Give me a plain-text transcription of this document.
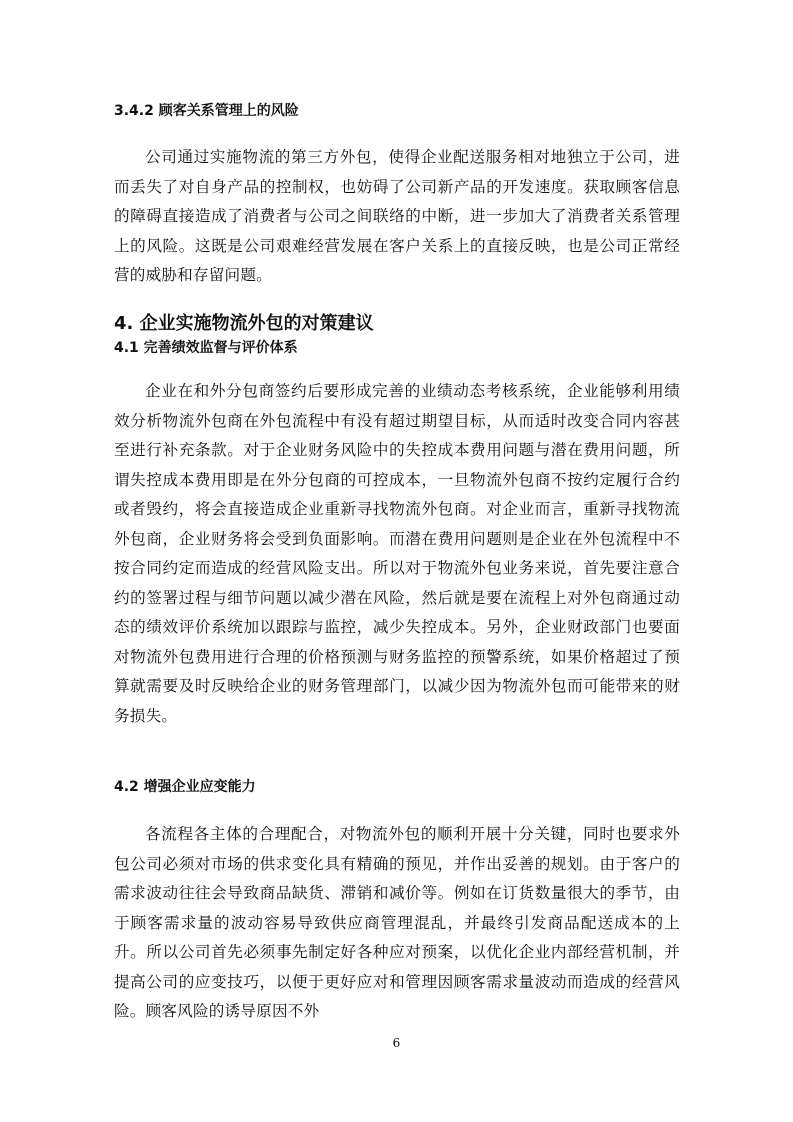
3.4.2 顾客关系管理上的风险

公司通过实施物流的第三方外包，使得企业配送服务相对地独立于公司，进而丢失了对自身产品的控制权，也妨碍了公司新产品的开发速度。获取顾客信息的障碍直接造成了消费者与公司之间联络的中断，进一步加大了消费者关系管理上的风险。这既是公司艰难经营发展在客户关系上的直接反映，也是公司正常经营的威胁和存留问题。

4. 企业实施物流外包的对策建议
4.1 完善绩效监督与评价体系

企业在和外分包商签约后要形成完善的业绩动态考核系统，企业能够利用绩效分析物流外包商在外包流程中有没有超过期望目标，从而适时改变合同内容甚至进行补充条款。对于企业财务风险中的失控成本费用问题与潜在费用问题，所谓失控成本费用即是在外分包商的可控成本，一旦物流外包商不按约定履行合约或者毁约，将会直接造成企业重新寻找物流外包商。对企业而言，重新寻找物流外包商，企业财务将会受到负面影响。而潜在费用问题则是企业在外包流程中不按合同约定而造成的经营风险支出。所以对于物流外包业务来说，首先要注意合约的签署过程与细节问题以减少潜在风险，然后就是要在流程上对外包商通过动态的绩效评价系统加以跟踪与监控，减少失控成本。另外，企业财政部门也要面对物流外包费用进行合理的价格预测与财务监控的预警系统，如果价格超过了预算就需要及时反映给企业的财务管理部门，以减少因为物流外包而可能带来的财务损失。

4.2 增强企业应变能力

各流程各主体的合理配合，对物流外包的顺利开展十分关键，同时也要求外包公司必须对市场的供求变化具有精确的预见，并作出妥善的规划。由于客户的需求波动往往会导致商品缺货、滞销和减价等。例如在订货数量很大的季节，由于顾客需求量的波动容易导致供应商管理混乱，并最终引发商品配送成本的上升。所以公司首先必须事先制定好各种应对预案，以优化企业内部经营机制，并提高公司的应变技巧，以便于更好应对和管理因顾客需求量波动而造成的经营风险。顾客风险的诱导原因不外

6
